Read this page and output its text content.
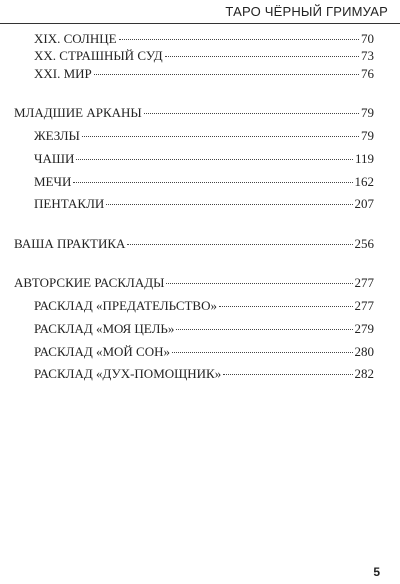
ТАРО ЧЁРНЫЙ ГРИМУАР
XIX. СОЛНЦЕ	70
XX. СТРАШНЫЙ СУД	73
XXI. МИР	76
МЛАДШИЕ АРКАНЫ	79
ЖЕЗЛЫ	79
ЧАШИ	119
МЕЧИ	162
ПЕНТАКЛИ	207
ВАША ПРАКТИКА	256
АВТОРСКИЕ РАСКЛАДЫ	277
РАСКЛАД «ПРЕДАТЕЛЬСТВО»	277
РАСКЛАД «МОЯ ЦЕЛЬ»	279
РАСКЛАД «МОЙ СОН»	280
РАСКЛАД «ДУХ-ПОМОЩНИК»	282
5
